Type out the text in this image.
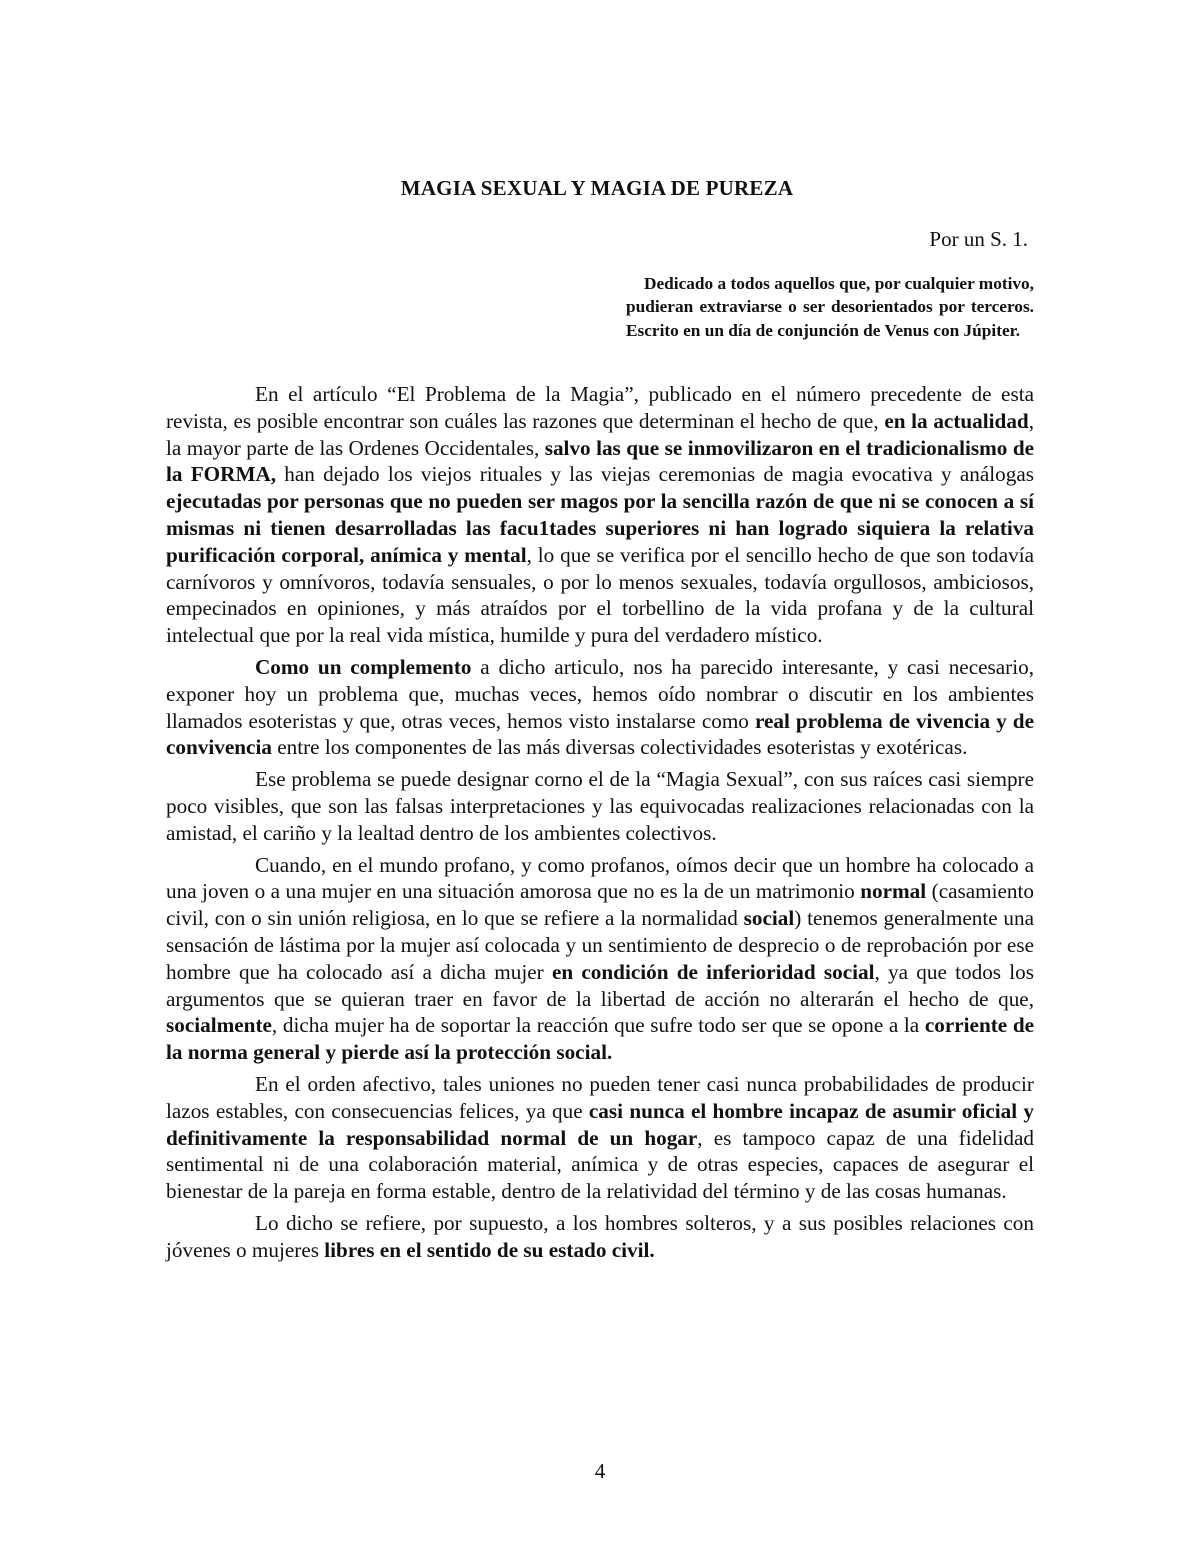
MAGIA SEXUAL Y MAGIA DE PUREZA
Por un S. 1.

Dedicado a todos aquellos que, por cualquier motivo, pudieran extraviarse o ser desorientados por terceros. Escrito en un día de conjunción de Venus con Júpiter.

En el artículo “El Problema de la Magia”, publicado en el número precedente de esta revista, es posible encontrar son cuáles las razones que determinan el hecho de que, en la actualidad, la mayor parte de las Ordenes Occidentales, salvo las que se inmovilizaron en el tradicionalismo de la FORMA, han dejado los viejos rituales y las viejas ceremonias de magia evocativa y análogas ejecutadas por personas que no pueden ser magos por la sencilla razón de que ni se conocen a sí mismas ni tienen desarrolladas las facu1tades superiores ni han logrado siquiera la relativa purificación corporal, anímica y mental, lo que se verifica por el sencillo hecho de que son todavía carnívoros y omnívoros, todavía sensuales, o por lo menos sexuales, todavía orgullosos, ambiciosos, empecinados en opiniones, y más atraídos por el torbellino de la vida profana y de la cultural intelectual que por la real vida mística, humilde y pura del verdadero místico.

Como un complemento a dicho articulo, nos ha parecido interesante, y casi necesario, exponer hoy un problema que, muchas veces, hemos oído nombrar o discutir en los ambientes llamados esoteristas y que, otras veces, hemos visto instalarse como real problema de vivencia y de convivencia entre los componentes de las más diversas colectividades esoteristas y exotéricas.

Ese problema se puede designar corno el de la “Magia Sexual”, con sus raíces casi siempre poco visibles, que son las falsas interpretaciones y las equivocadas realizaciones relacionadas con la amistad, el cariño y la lealtad dentro de los ambientes colectivos.

Cuando, en el mundo profano, y como profanos, oímos decir que un hombre ha colocado a una joven o a una mujer en una situación amorosa que no es la de un matrimonio normal (casamiento civil, con o sin unión religiosa, en lo que se refiere a la normalidad social) tenemos generalmente una sensación de lástima por la mujer así colocada y un sentimiento de desprecio o de reprobación por ese hombre que ha colocado así a dicha mujer en condición de inferioridad social, ya que todos los argumentos que se quieran traer en favor de la libertad de acción no alterarán el hecho de que, socialmente, dicha mujer ha de soportar la reacción que sufre todo ser que se opone a la corriente de la norma general y pierde así la protección social.

En el orden afectivo, tales uniones no pueden tener casi nunca probabilidades de producir lazos estables, con consecuencias felices, ya que casi nunca el hombre incapaz de asumir oficial y definitivamente la responsabilidad normal de un hogar, es tampoco capaz de una fidelidad sentimental ni de una colaboración material, anímica y de otras especies, capaces de asegurar el bienestar de la pareja en forma estable, dentro de la relatividad del término y de las cosas humanas.

Lo dicho se refiere, por supuesto, a los hombres solteros, y a sus posibles relaciones con jóvenes o mujeres libres en el sentido de su estado civil.

4
